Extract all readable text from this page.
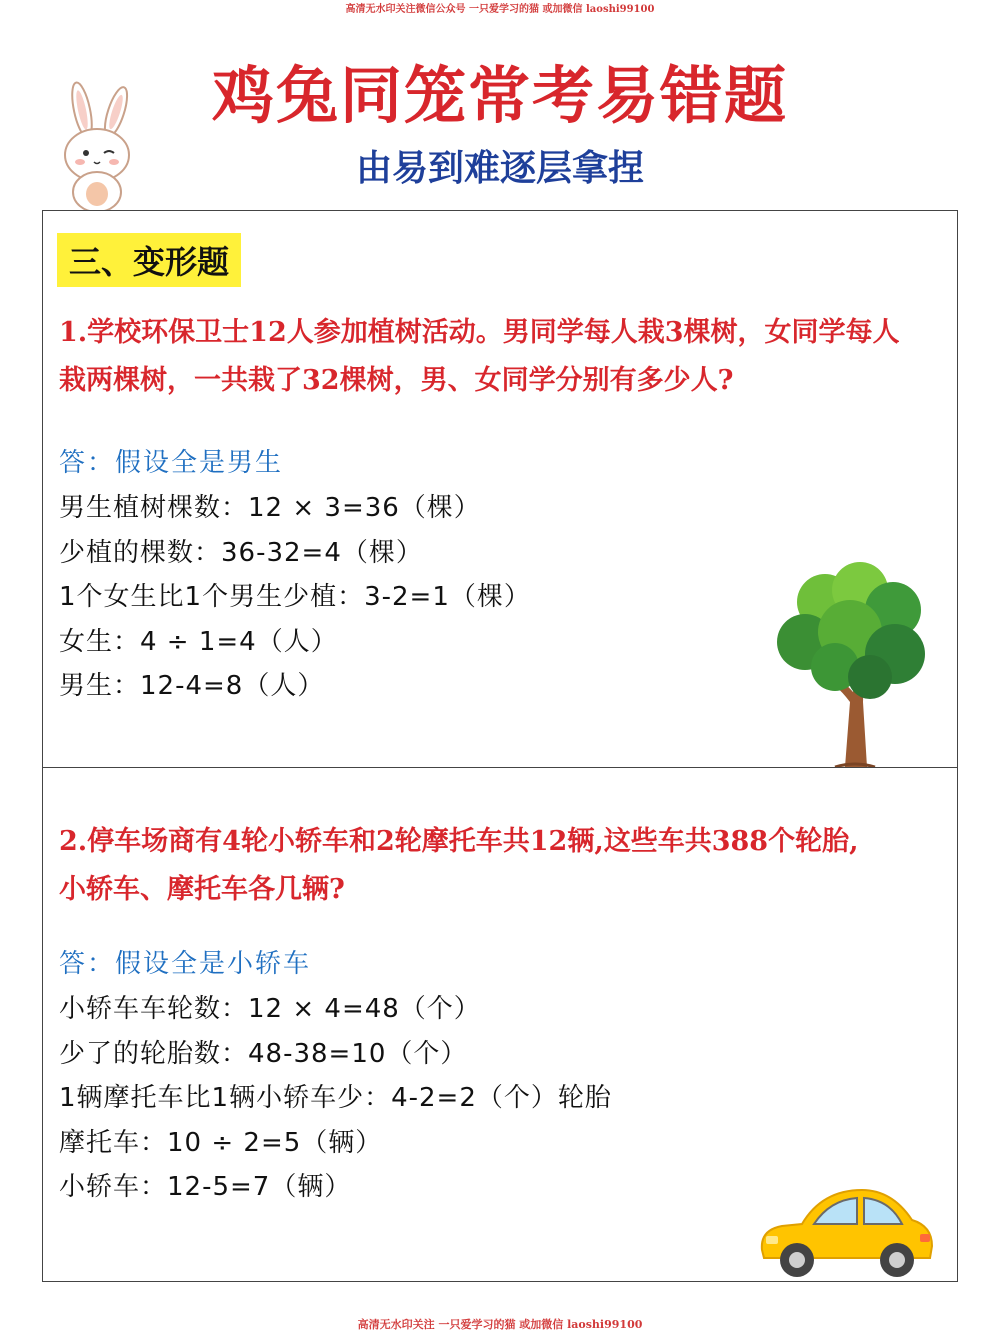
高清无水印关注微信公众号 一只爱学习的猫 或加微信 laoshi99100
鸡兔同笼常考易错题
由易到难逐层拿捏
三、变形题
1.学校环保卫士12人参加植树活动。男同学每人栽3棵树，女同学每人
栽两棵树，一共栽了32棵树，男、女同学分别有多少人?
答：假设全是男生
男生植树棵数：12 × 3=36（棵）
少植的棵数：36-32=4（棵）
1个女生比1个男生少植：3-2=1（棵）
女生：4 ÷ 1=4（人）
男生：12-4=8（人）
2.停车场商有4轮小轿车和2轮摩托车共12辆,这些车共388个轮胎,
小轿车、摩托车各几辆?
答：假设全是小轿车
小轿车车轮数：12 × 4=48（个）
少了的轮胎数：48-38=10（个）
1辆摩托车比1辆小轿车少：4-2=2（个）轮胎
摩托车：10 ÷ 2=5（辆）
小轿车：12-5=7（辆）
高清无水印关注 一只爱学习的猫 或加微信 laoshi99100
